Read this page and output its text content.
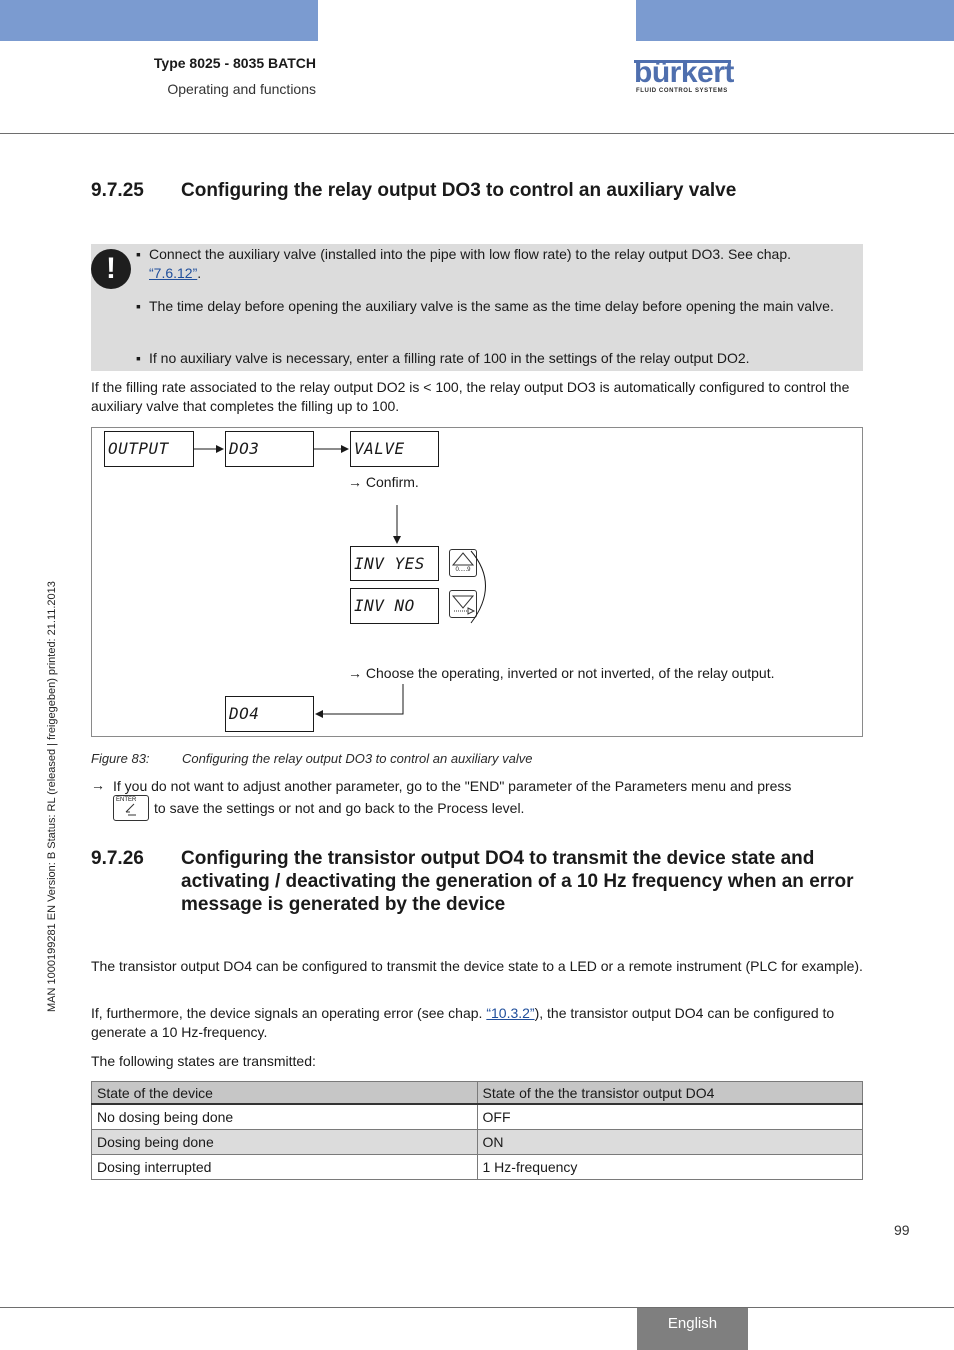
Type 8025 - 8035 BATCH
Operating and functions	bürkert
FLUID CONTROL SYSTEMS
9.7.25 Configuring the relay output DO3 to control an auxiliary valve
!	▪ Connect the auxiliary valve (installed into the pipe with low flow rate) to the relay output DO3. See chap.
“7.6.12”.
▪ The time delay before opening the auxiliary valve is the same as the time delay before opening the main valve.
▪ If no auxiliary valve is necessary, enter a filling rate of 100 in the settings of the relay output DO2.
If the filling rate associated to the relay output DO2 is < 100, the relay output DO3 is automatically configured to control the auxiliary valve that completes the filling up to 100.
OUTPUT	DO3	VALVE
→ Confirm.
INV YES
INV NO
0.....9
DO4
→ Choose the operating, inverted or not inverted, of the relay output.
Figure 83: Configuring the relay output DO3 to control an auxiliary valve
→ If you do not want to adjust another parameter, go to the "END" parameter of the Parameters menu and press
ENTER to save the settings or not and go back to the Process level.
9.7.26 Configuring the transistor output DO4 to transmit the device state and activating / deactivating the generation of a 10 Hz frequency when an error message is generated by the device
The transistor output DO4 can be configured to transmit the device state to a LED or a remote instrument (PLC for example).
If, furthermore, the device signals an operating error (see chap. “10.3.2”), the transistor output DO4 can be configured to generate a 10 Hz-frequency.
The following states are transmitted:
State of the device	State of the the transistor output DO4
No dosing being done	OFF
Dosing being done	ON
Dosing interrupted	1 Hz-frequency
MAN 1000199281 EN Version: B Status: RL (released | freigegeben) printed: 21.11.2013
99
English
